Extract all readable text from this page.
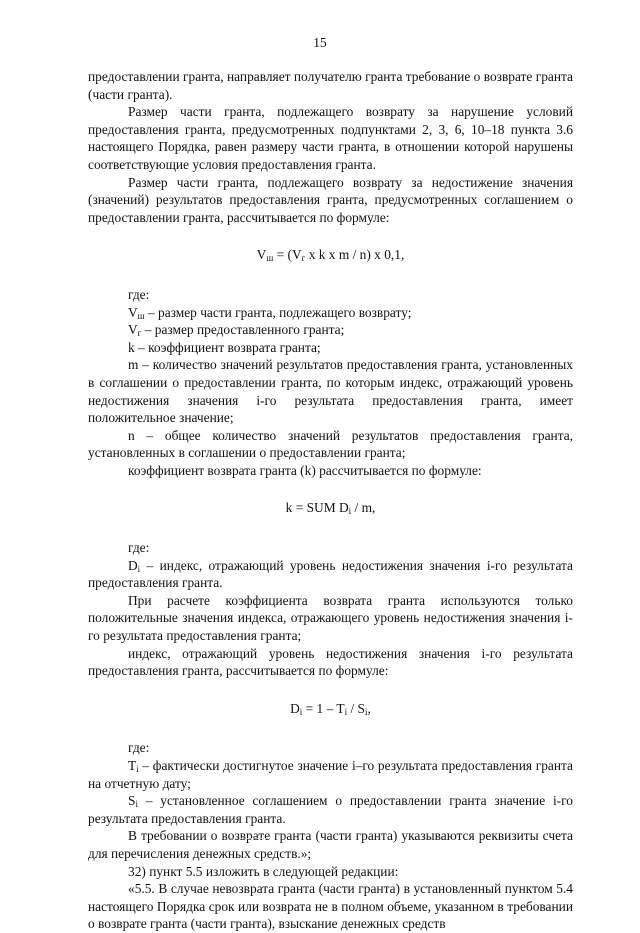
15

предоставлении гранта, направляет получателю гранта требование о возврате гранта (части гранта).

Размер части гранта, подлежащего возврату за нарушение условий предоставления гранта, предусмотренных подпунктами 2, 3, 6, 10–18 пункта 3.6 настоящего Порядка, равен размеру части гранта, в отношении которой нарушены соответствующие условия предоставления гранта.

Размер части гранта, подлежащего возврату за недостижение значения (значений) результатов предоставления гранта, предусмотренных соглашением о предоставлении гранта, рассчитывается по формуле:

$V_ш = (V_г$ x k x m / n) x 0,1,

где:

$V_ш$ – размер части гранта, подлежащего возврату;

$V_г$ – размер предоставленного гранта;

k – коэффициент возврата гранта;

m – количество значений результатов предоставления гранта, установленных в соглашении о предоставлении гранта, по которым индекс, отражающий уровень недостижения значения i-го результата предоставления гранта, имеет положительное значение;

n – общее количество значений результатов предоставления гранта, установленных в соглашении о предоставлении гранта;

коэффициент возврата гранта (k) рассчитывается по формуле:

k = SUM $D_i$ / m,

где:

$D_i$ – индекс, отражающий уровень недостижения значения i-го результата предоставления гранта.

При расчете коэффициента возврата гранта используются только положительные значения индекса, отражающего уровень недостижения значения i-го результата предоставления гранта;

индекс, отражающий уровень недостижения значения i-го результата предоставления гранта, рассчитывается по формуле:

$D_i = 1 - T_i / S_i$,

где:

$T_i$ – фактически достигнутое значение i–го результата предоставления гранта на отчетную дату;

$S_i$ – установленное соглашением о предоставлении гранта значение i-го результата предоставления гранта.

В требовании о возврате гранта (части гранта) указываются реквизиты счета для перечисления денежных средств.»;

32) пункт 5.5 изложить в следующей редакции:

«5.5. В случае невозврата гранта (части гранта) в установленный пунктом 5.4 настоящего Порядка срок или возврата не в полном объеме, указанном в требовании о возврате гранта (части гранта), взыскание денежных средств
